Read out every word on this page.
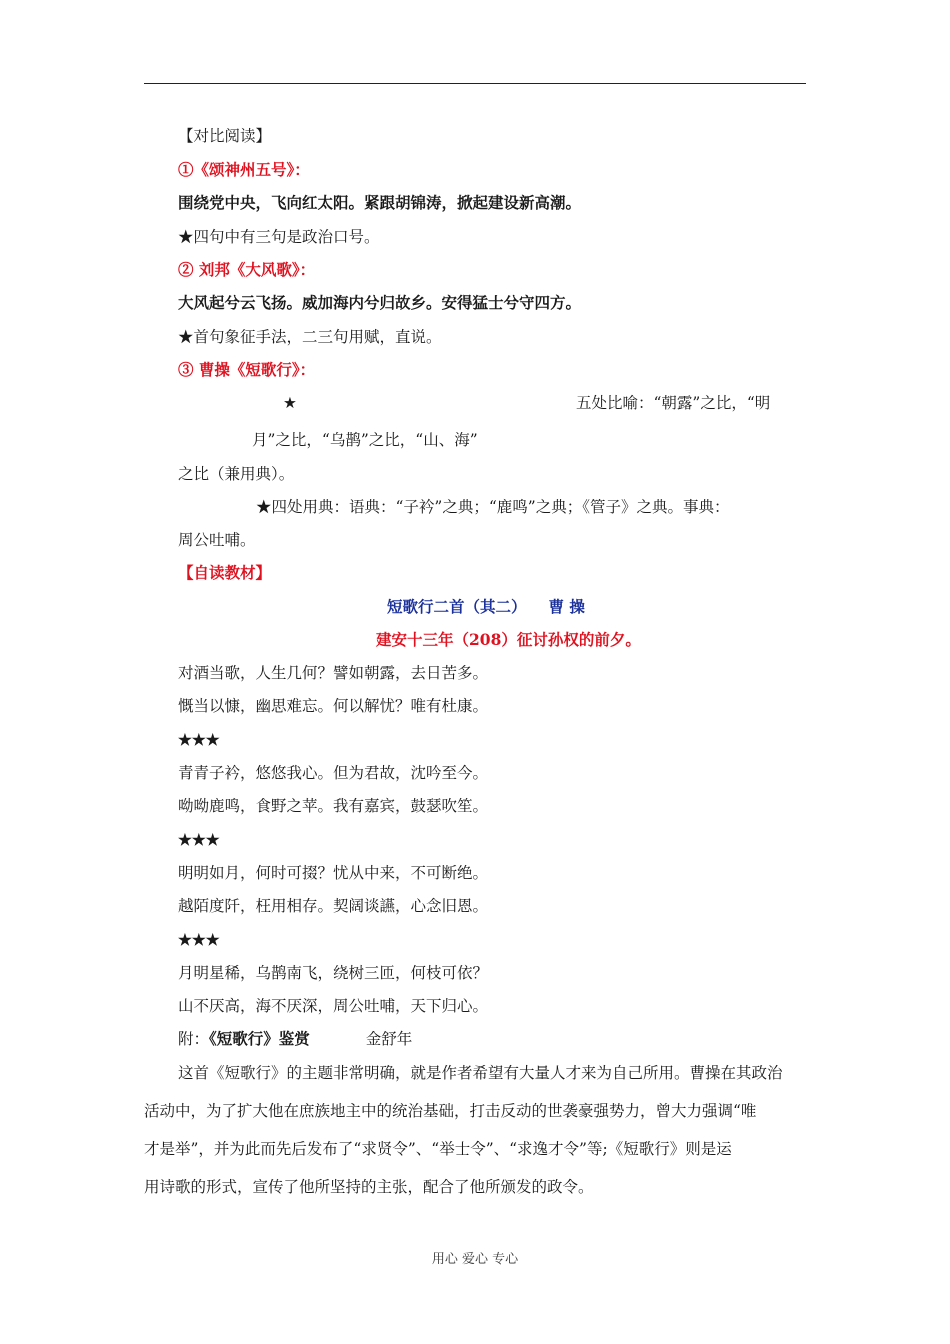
【对比阅读】
①《颂神州五号》：
围绕党中央，飞向红太阳。紧跟胡锦涛，掀起建设新高潮。
★四句中有三句是政治口号。
② 刘邦《大风歌》：
大风起兮云飞扬。威加海内兮归故乡。安得猛士兮守四方。
★首句象征手法，二三句用赋，直说。
③ 曹操《短歌行》：
★	五处比喻：“朝露”之比，“明
月”之比，“乌鹊”之比，“山、海”
之比（兼用典）。
★四处用典：语典：“子衿”之典；“鹿鸣”之典；《管子》之典。事典：
周公吐哺。
【自读教材】
短歌行二首（其二） 曹 操
建安十三年（208）征讨孙权的前夕。
对酒当歌，人生几何？譬如朝露，去日苦多。
慨当以慷，幽思难忘。何以解忧？唯有杜康。
★★★
青青子衿，悠悠我心。但为君故，沈吟至今。
呦呦鹿鸣，食野之苹。我有嘉宾，鼓瑟吹笙。
★★★
明明如月，何时可掇？忧从中来，不可断绝。
越陌度阡，枉用相存。契阔谈讌，心念旧恩。
★★★
月明星稀，乌鹊南飞，绕树三匝，何枝可依？
山不厌高，海不厌深，周公吐哺，天下归心。
附：《短歌行》鉴赏	金舒年
这首《短歌行》的主题非常明确，就是作者希望有大量人才来为自己所用。曹操在其政治
活动中，为了扩大他在庶族地主中的统治基础，打击反动的世袭豪强势力，曾大力强调“唯
才是举”，并为此而先后发布了“求贤令”、“举士令”、“求逸才令”等;《短歌行》则是运
用诗歌的形式，宣传了他所坚持的主张，配合了他所颁发的政令。
用心 爱心 专心
